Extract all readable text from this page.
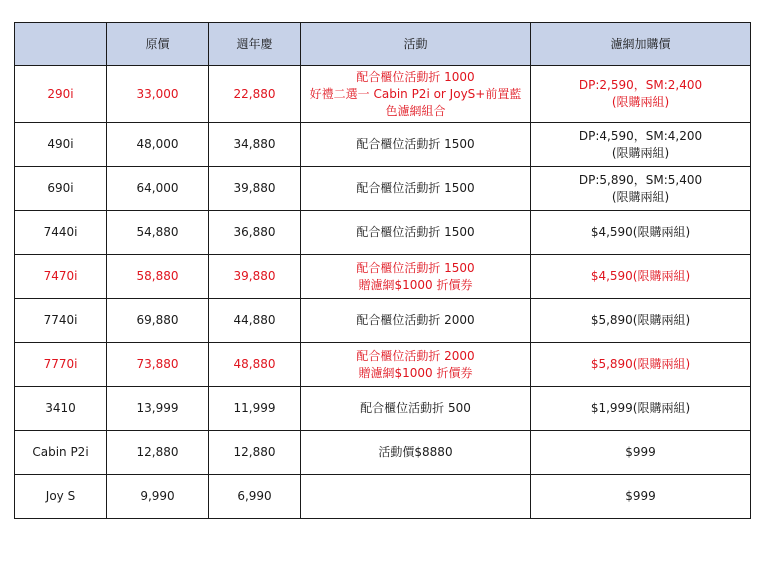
	原價	週年慶	活動	濾網加購價
290i	33,000	22,880	配合櫃位活動折 1000
好禮二選一 Cabin P2i or JoyS+前置藍
色濾網組合	DP:2,590，SM:2,400
(限購兩組)

490i	48,000	34,880	配合櫃位活動折 1500	DP:4,590，SM:4,200
(限購兩組)

690i	64,000	39,880	配合櫃位活動折 1500	DP:5,890，SM:5,400
(限購兩組)

7440i	54,880	36,880	配合櫃位活動折 1500	$4,590(限購兩組)

7470i	58,880	39,880	配合櫃位活動折 1500
贈濾網$1000 折價券	$4,590(限購兩組)

7740i	69,880	44,880	配合櫃位活動折 2000	$5,890(限購兩組)

7770i	73,880	48,880	配合櫃位活動折 2000
贈濾網$1000 折價券	$5,890(限購兩組)

3410	13,999	11,999	配合櫃位活動折 500	$1,999(限購兩組)

Cabin P2i	12,880	12,880	活動價$8880	$999

Joy S	9,990	6,990		$999
